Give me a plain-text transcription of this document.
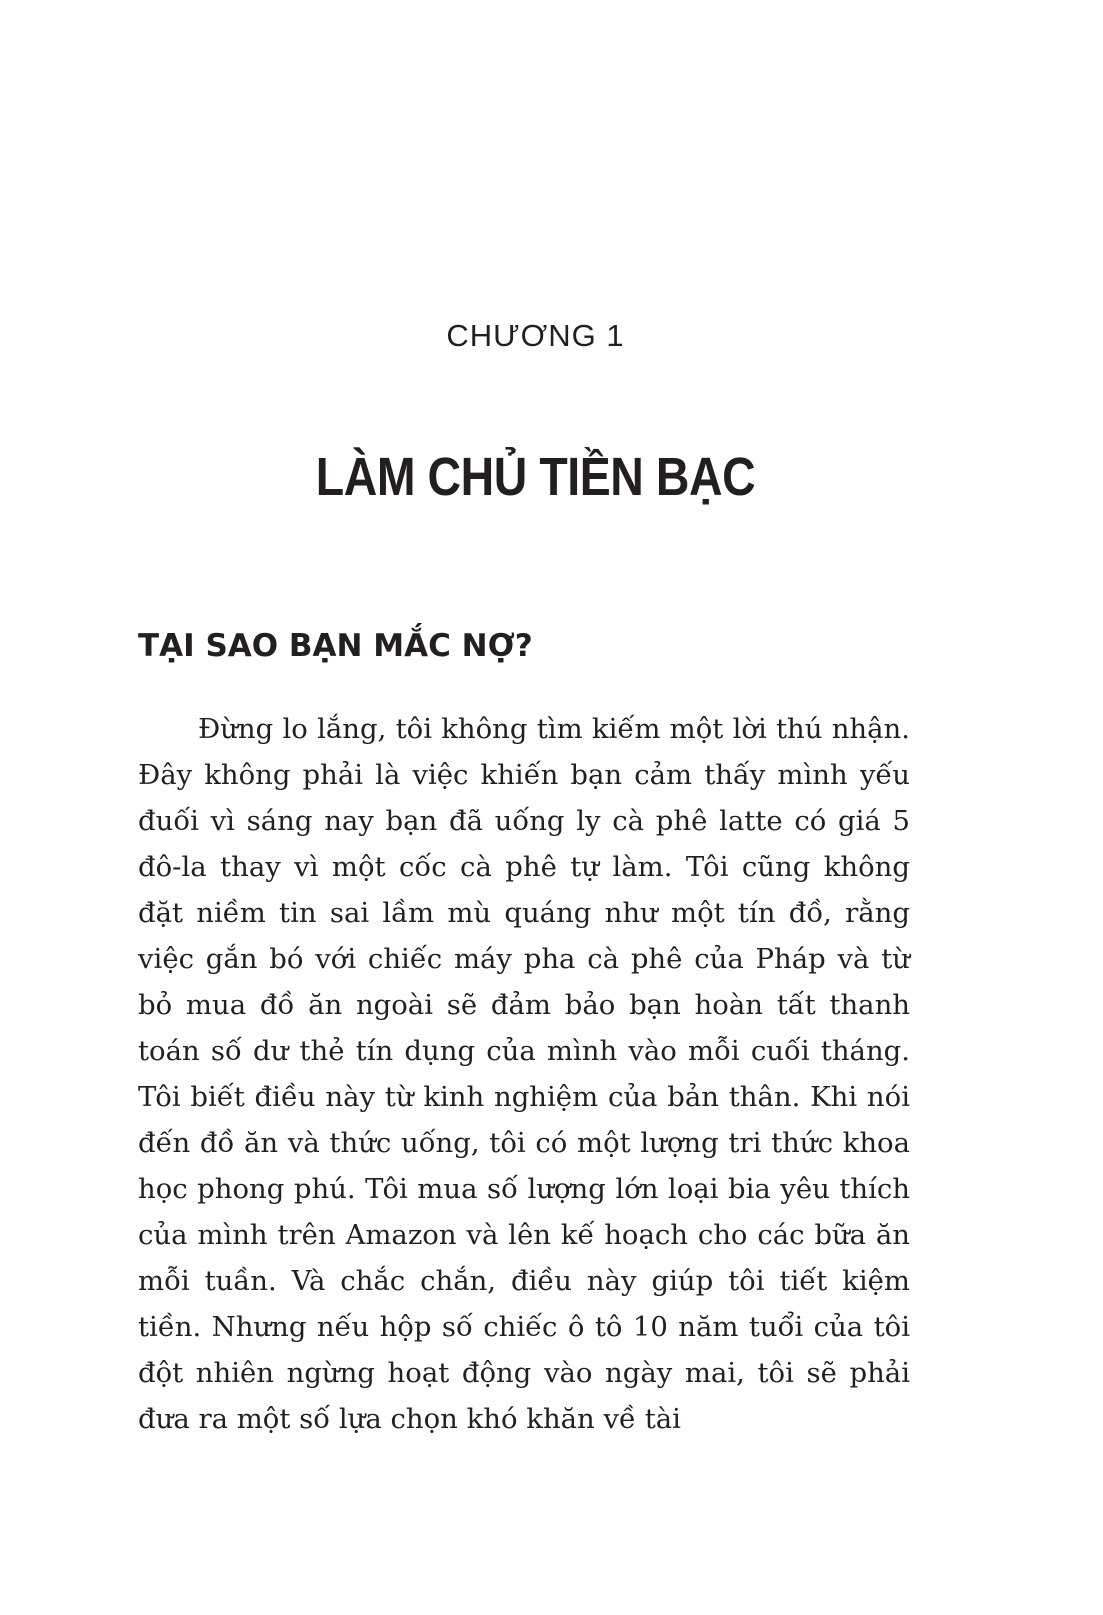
CHƯƠNG 1
LÀM CHỦ TIỀN BẠC
TẠI SAO BẠN MẮC NỢ?

Đừng lo lắng, tôi không tìm kiếm một lời thú nhận. Đây không phải là việc khiến bạn cảm thấy mình yếu đuối vì sáng nay bạn đã uống ly cà phê latte có giá 5 đô-la thay vì một cốc cà phê tự làm. Tôi cũng không đặt niềm tin sai lầm mù quáng như một tín đồ, rằng việc gắn bó với chiếc máy pha cà phê của Pháp và từ bỏ mua đồ ăn ngoài sẽ đảm bảo bạn hoàn tất thanh toán số dư thẻ tín dụng của mình vào mỗi cuối tháng. Tôi biết điều này từ kinh nghiệm của bản thân. Khi nói đến đồ ăn và thức uống, tôi có một lượng tri thức khoa học phong phú. Tôi mua số lượng lớn loại bia yêu thích của mình trên Amazon và lên kế hoạch cho các bữa ăn mỗi tuần. Và chắc chắn, điều này giúp tôi tiết kiệm tiền. Nhưng nếu hộp số chiếc ô tô 10 năm tuổi của tôi đột nhiên ngừng hoạt động vào ngày mai, tôi sẽ phải đưa ra một số lựa chọn khó khăn về tài
